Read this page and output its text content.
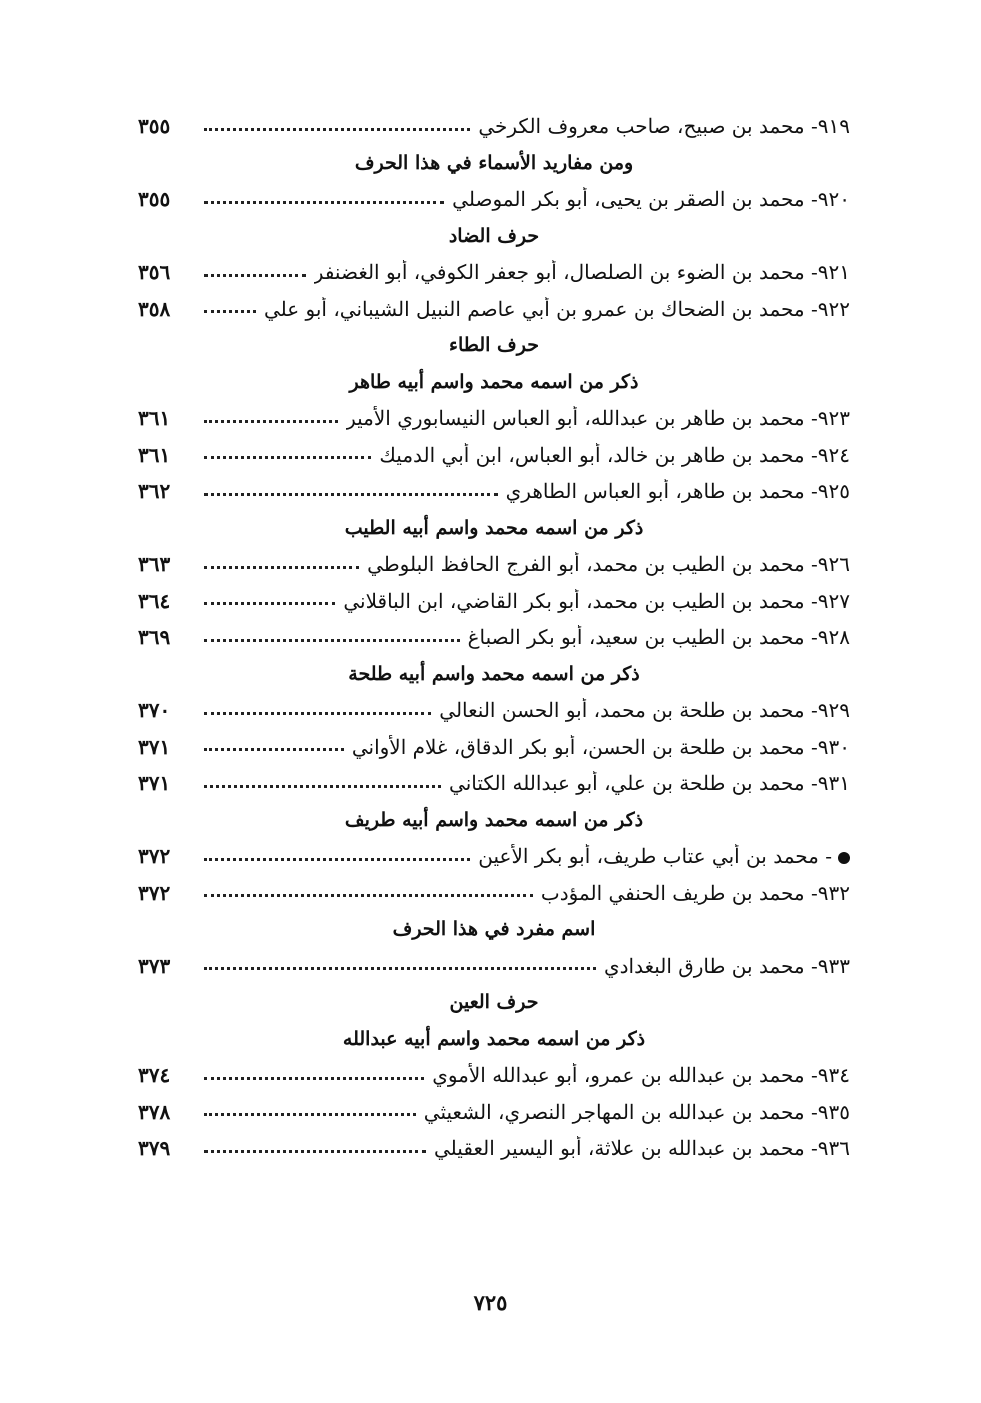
٩١٩- محمد بن صبيح، صاحب معروف الكرخي
٣٥٥
ومن مفاريد الأسماء في هذا الحرف
٩٢٠- محمد بن الصقر بن يحيى، أبو بكر الموصلي
٣٥٥
حرف الضاد
٩٢١- محمد بن الضوء بن الصلصال، أبو جعفر الكوفي، أبو الغضنفر
٣٥٦
٩٢٢- محمد بن الضحاك بن عمرو بن أبي عاصم النبيل الشيباني، أبو علي
٣٥٨
حرف الطاء
ذكر من اسمه محمد واسم أبيه طاهر
٩٢٣- محمد بن طاهر بن عبدالله، أبو العباس النيسابوري الأمير
٣٦١
٩٢٤- محمد بن طاهر بن خالد، أبو العباس، ابن أبي الدميك
٣٦١
٩٢٥- محمد بن طاهر، أبو العباس الطاهري
٣٦٢
ذكر من اسمه محمد واسم أبيه الطيب
٩٢٦- محمد بن الطيب بن محمد، أبو الفرج الحافظ البلوطي
٣٦٣
٩٢٧- محمد بن الطيب بن محمد، أبو بكر القاضي، ابن الباقلاني
٣٦٤
٩٢٨- محمد بن الطيب بن سعيد، أبو بكر الصباغ
٣٦٩
ذكر من اسمه محمد واسم أبيه طلحة
٩٢٩- محمد بن طلحة بن محمد، أبو الحسن النعالي
٣٧٠
٩٣٠- محمد بن طلحة بن الحسن، أبو بكر الدقاق، غلام الأواني
٣٧١
٩٣١- محمد بن طلحة بن علي، أبو عبدالله الكتاني
٣٧١
ذكر من اسمه محمد واسم أبيه طريف
- محمد بن أبي عتاب طريف، أبو بكر الأعين
٣٧٢
٩٣٢- محمد بن طريف الحنفي المؤدب
٣٧٢
اسم مفرد في هذا الحرف
٩٣٣- محمد بن طارق البغدادي
٣٧٣
حرف العين
ذكر من اسمه محمد واسم أبيه عبدالله
٩٣٤- محمد بن عبدالله بن عمرو، أبو عبدالله الأموي
٣٧٤
٩٣٥- محمد بن عبدالله بن المهاجر النصري، الشعيثي
٣٧٨
٩٣٦- محمد بن عبدالله بن علاثة، أبو اليسير العقيلي
٣٧٩
٧٢٥
